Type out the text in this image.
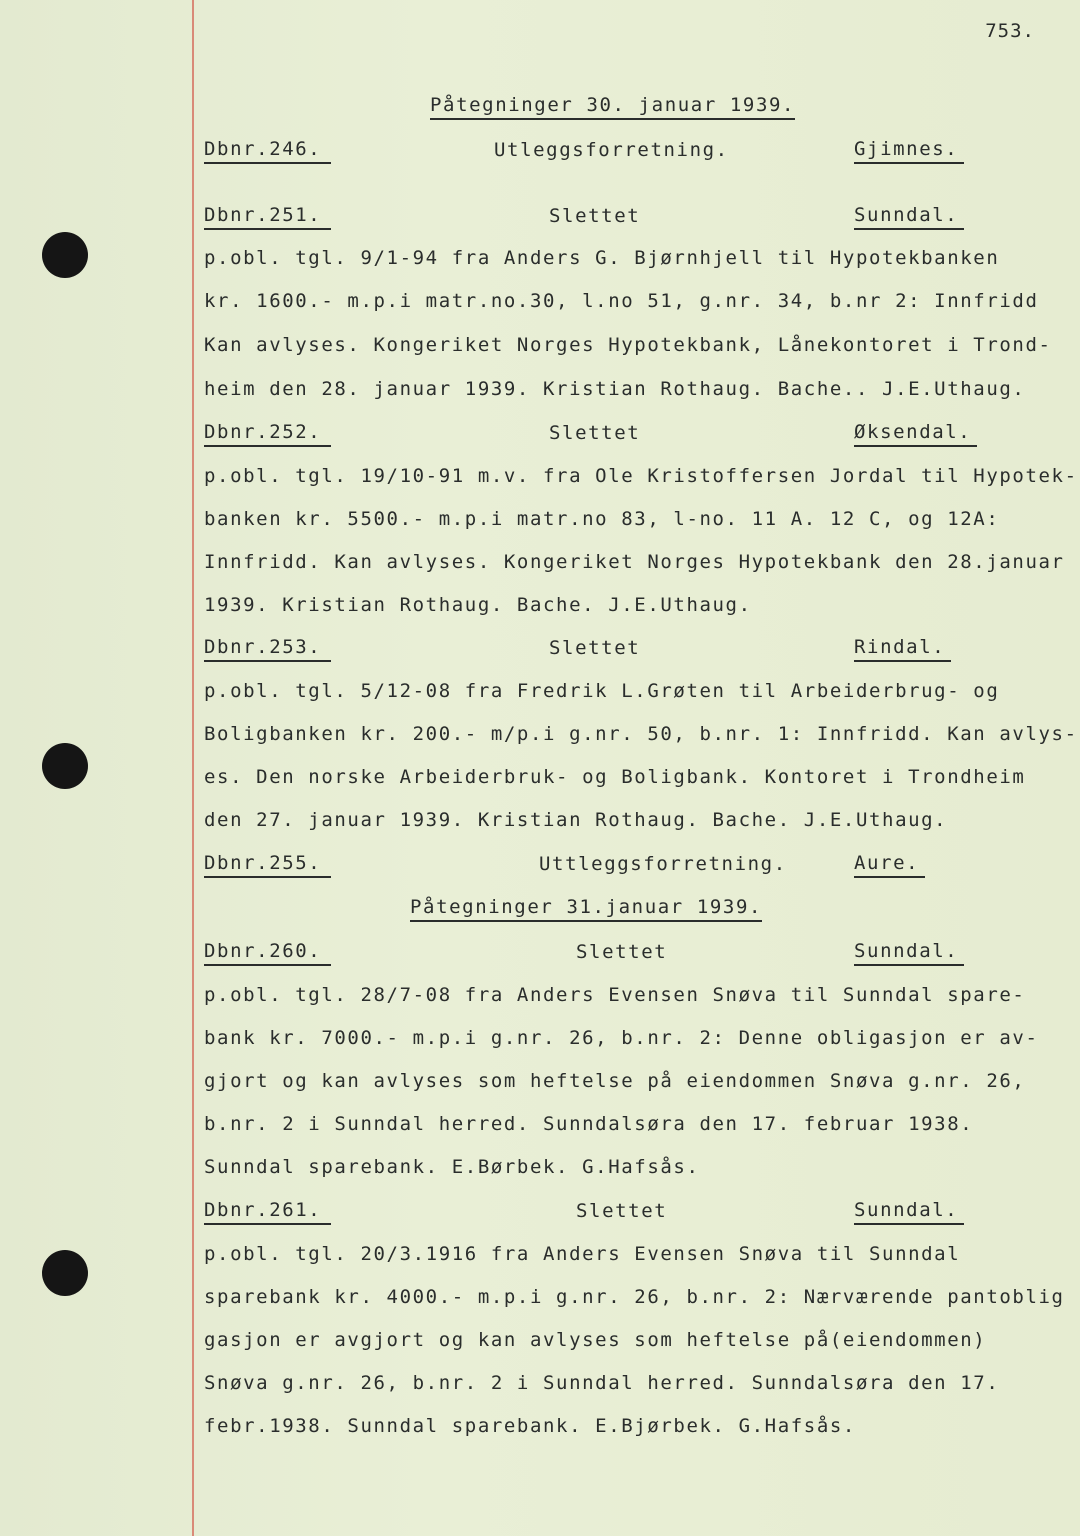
753.
Påtegninger 30. januar 1939.
Dbnr.246.	Utleggsforretning.	Gjimnes.
Dbnr.251.	Slettet	Sunndal.
p.obl. tgl. 9/1-94 fra Anders G. Bjørnhjell til Hypotekbanken
kr. 1600.- m.p.i matr.no.30, l.no 51, g.nr. 34, b.nr 2: Innfridd
Kan avlyses. Kongeriket Norges Hypotekbank, Lånekontoret i Trond-
heim den 28. januar 1939. Kristian Rothaug. Bache.. J.E.Uthaug.
Dbnr.252.	Slettet	Øksendal.
p.obl. tgl. 19/10-91 m.v. fra Ole Kristoffersen Jordal til Hypotek-
banken kr. 5500.- m.p.i matr.no 83, l-no. 11 A. 12 C, og 12A:
Innfridd. Kan avlyses. Kongeriket Norges Hypotekbank den 28.januar
1939. Kristian Rothaug. Bache. J.E.Uthaug.
Dbnr.253.	Slettet	Rindal.
p.obl. tgl. 5/12-08 fra Fredrik L.Grøten til Arbeiderbrug- og
Boligbanken kr. 200.- m/p.i g.nr. 50, b.nr. 1: Innfridd. Kan avlys-
es. Den norske Arbeiderbruk- og Boligbank. Kontoret i Trondheim
den 27. januar 1939. Kristian Rothaug. Bache. J.E.Uthaug.
Dbnr.255.	Uttleggsforretning.	Aure.
Påtegninger 31.januar 1939.
Dbnr.260.	Slettet	Sunndal.
p.obl. tgl. 28/7-08 fra Anders Evensen Snøva til Sunndal spare-
bank kr. 7000.- m.p.i g.nr. 26, b.nr. 2: Denne obligasjon er av-
gjort og kan avlyses som heftelse på eiendommen Snøva g.nr. 26,
b.nr. 2 i Sunndal herred. Sunndalsøra den 17. februar 1938.
Sunndal sparebank. E.Børbek. G.Hafsås.
Dbnr.261.	Slettet	Sunndal.
p.obl. tgl. 20/3.1916 fra Anders Evensen Snøva til Sunndal
sparebank kr. 4000.- m.p.i g.nr. 26, b.nr. 2: Nærværende pantoblig
gasjon er avgjort og kan avlyses som heftelse på(eiendommen)
Snøva g.nr. 26, b.nr. 2 i Sunndal herred. Sunndalsøra den 17.
febr.1938. Sunndal sparebank. E.Bjørbek. G.Hafsås.
